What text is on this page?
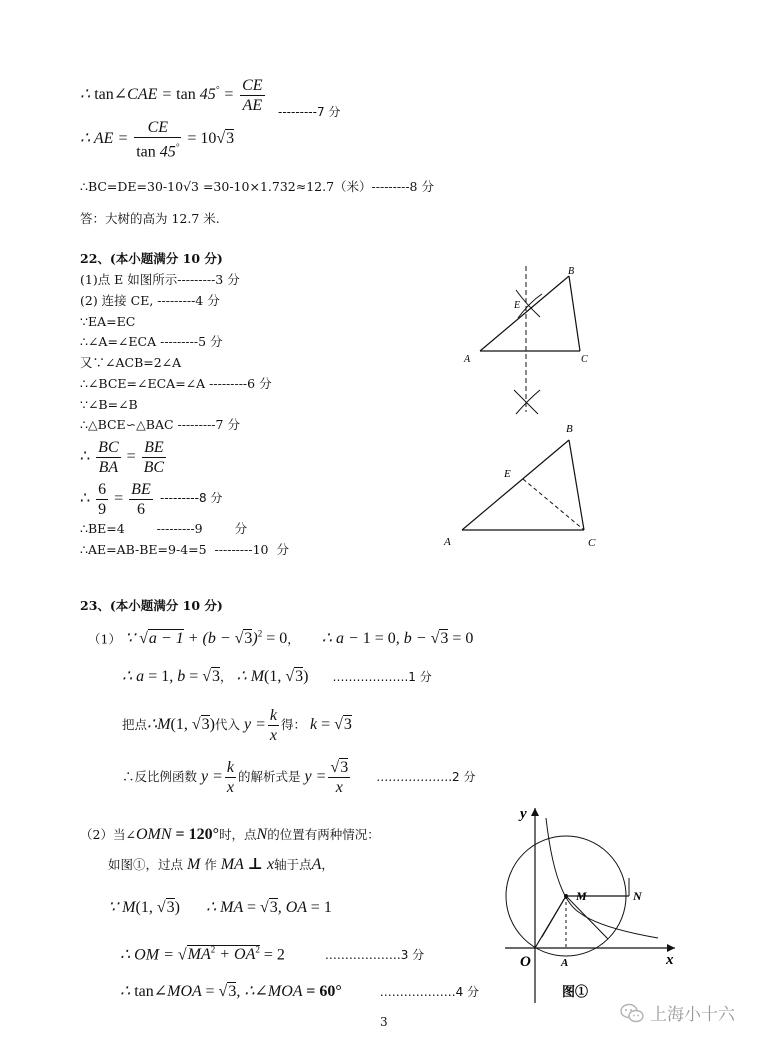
∴ tan∠CAE = $\tan 45^\circ = \frac{CE}{AE} ---------7$ 分
∴ AE = $\frac{CE}{\tan 45^\circ} = 10√3$
∴BC=DE=30-10√3 =30-10×1.732≈12.7（米）---------8 分
答：大树的高为 12.7 米.
22、(本小题满分 10 分)
(1)点 E 如图所示---------3 分
(2) 连接 CE, ---------4 分
∵EA=EC
∴∠A=∠ECA ---------5 分
又∵∠ACB=2∠A
∴∠BCE=∠ECA=∠A ---------6 分
∵∠B=∠B
∴△BCE∽△BAC ---------7 分
∴ $\frac{BC}{BA} = \frac{BE}{BC}$
∴ $\frac{6}{9} = \frac{BE}{6} ---------8$ 分
∴BE=4 ---------9 分
∴AE=AB-BE=9-4=5 ---------10 分
A
B
C
E
A
B
C
E
23、(本小题满分 10 分)
（1） ∵ $√a - 1 + (b - √3)^2 = 0$， ∴ a − 1 = 0, b − √3 = 0
∴ a = 1, b = √3， ∴ M(1, √3) ……………….1 分
把点∴M(1, √3)代入 $y = \frac{k}{x}$ 得： k = √3
∴反比例函数 $y = \frac{k}{x}$ 的解析式是 $y = \frac{√3}{x}$ ……………….2 分
（2）当∠OMN = 120°时，点N的位置有两种情况：
如图①，过点 M 作 MA ⊥ x轴于点A，
∵ M(1, √3) ∴ MA = √3, OA = 1
∴ OM = $√MA^2 + OA^2 = 2$	……………….3 分
∴ tan∠MOA = √3, ∴∠MOA = 60°	……………….4 分
y
x
O	A
M	N
图①
3	上海小十六
